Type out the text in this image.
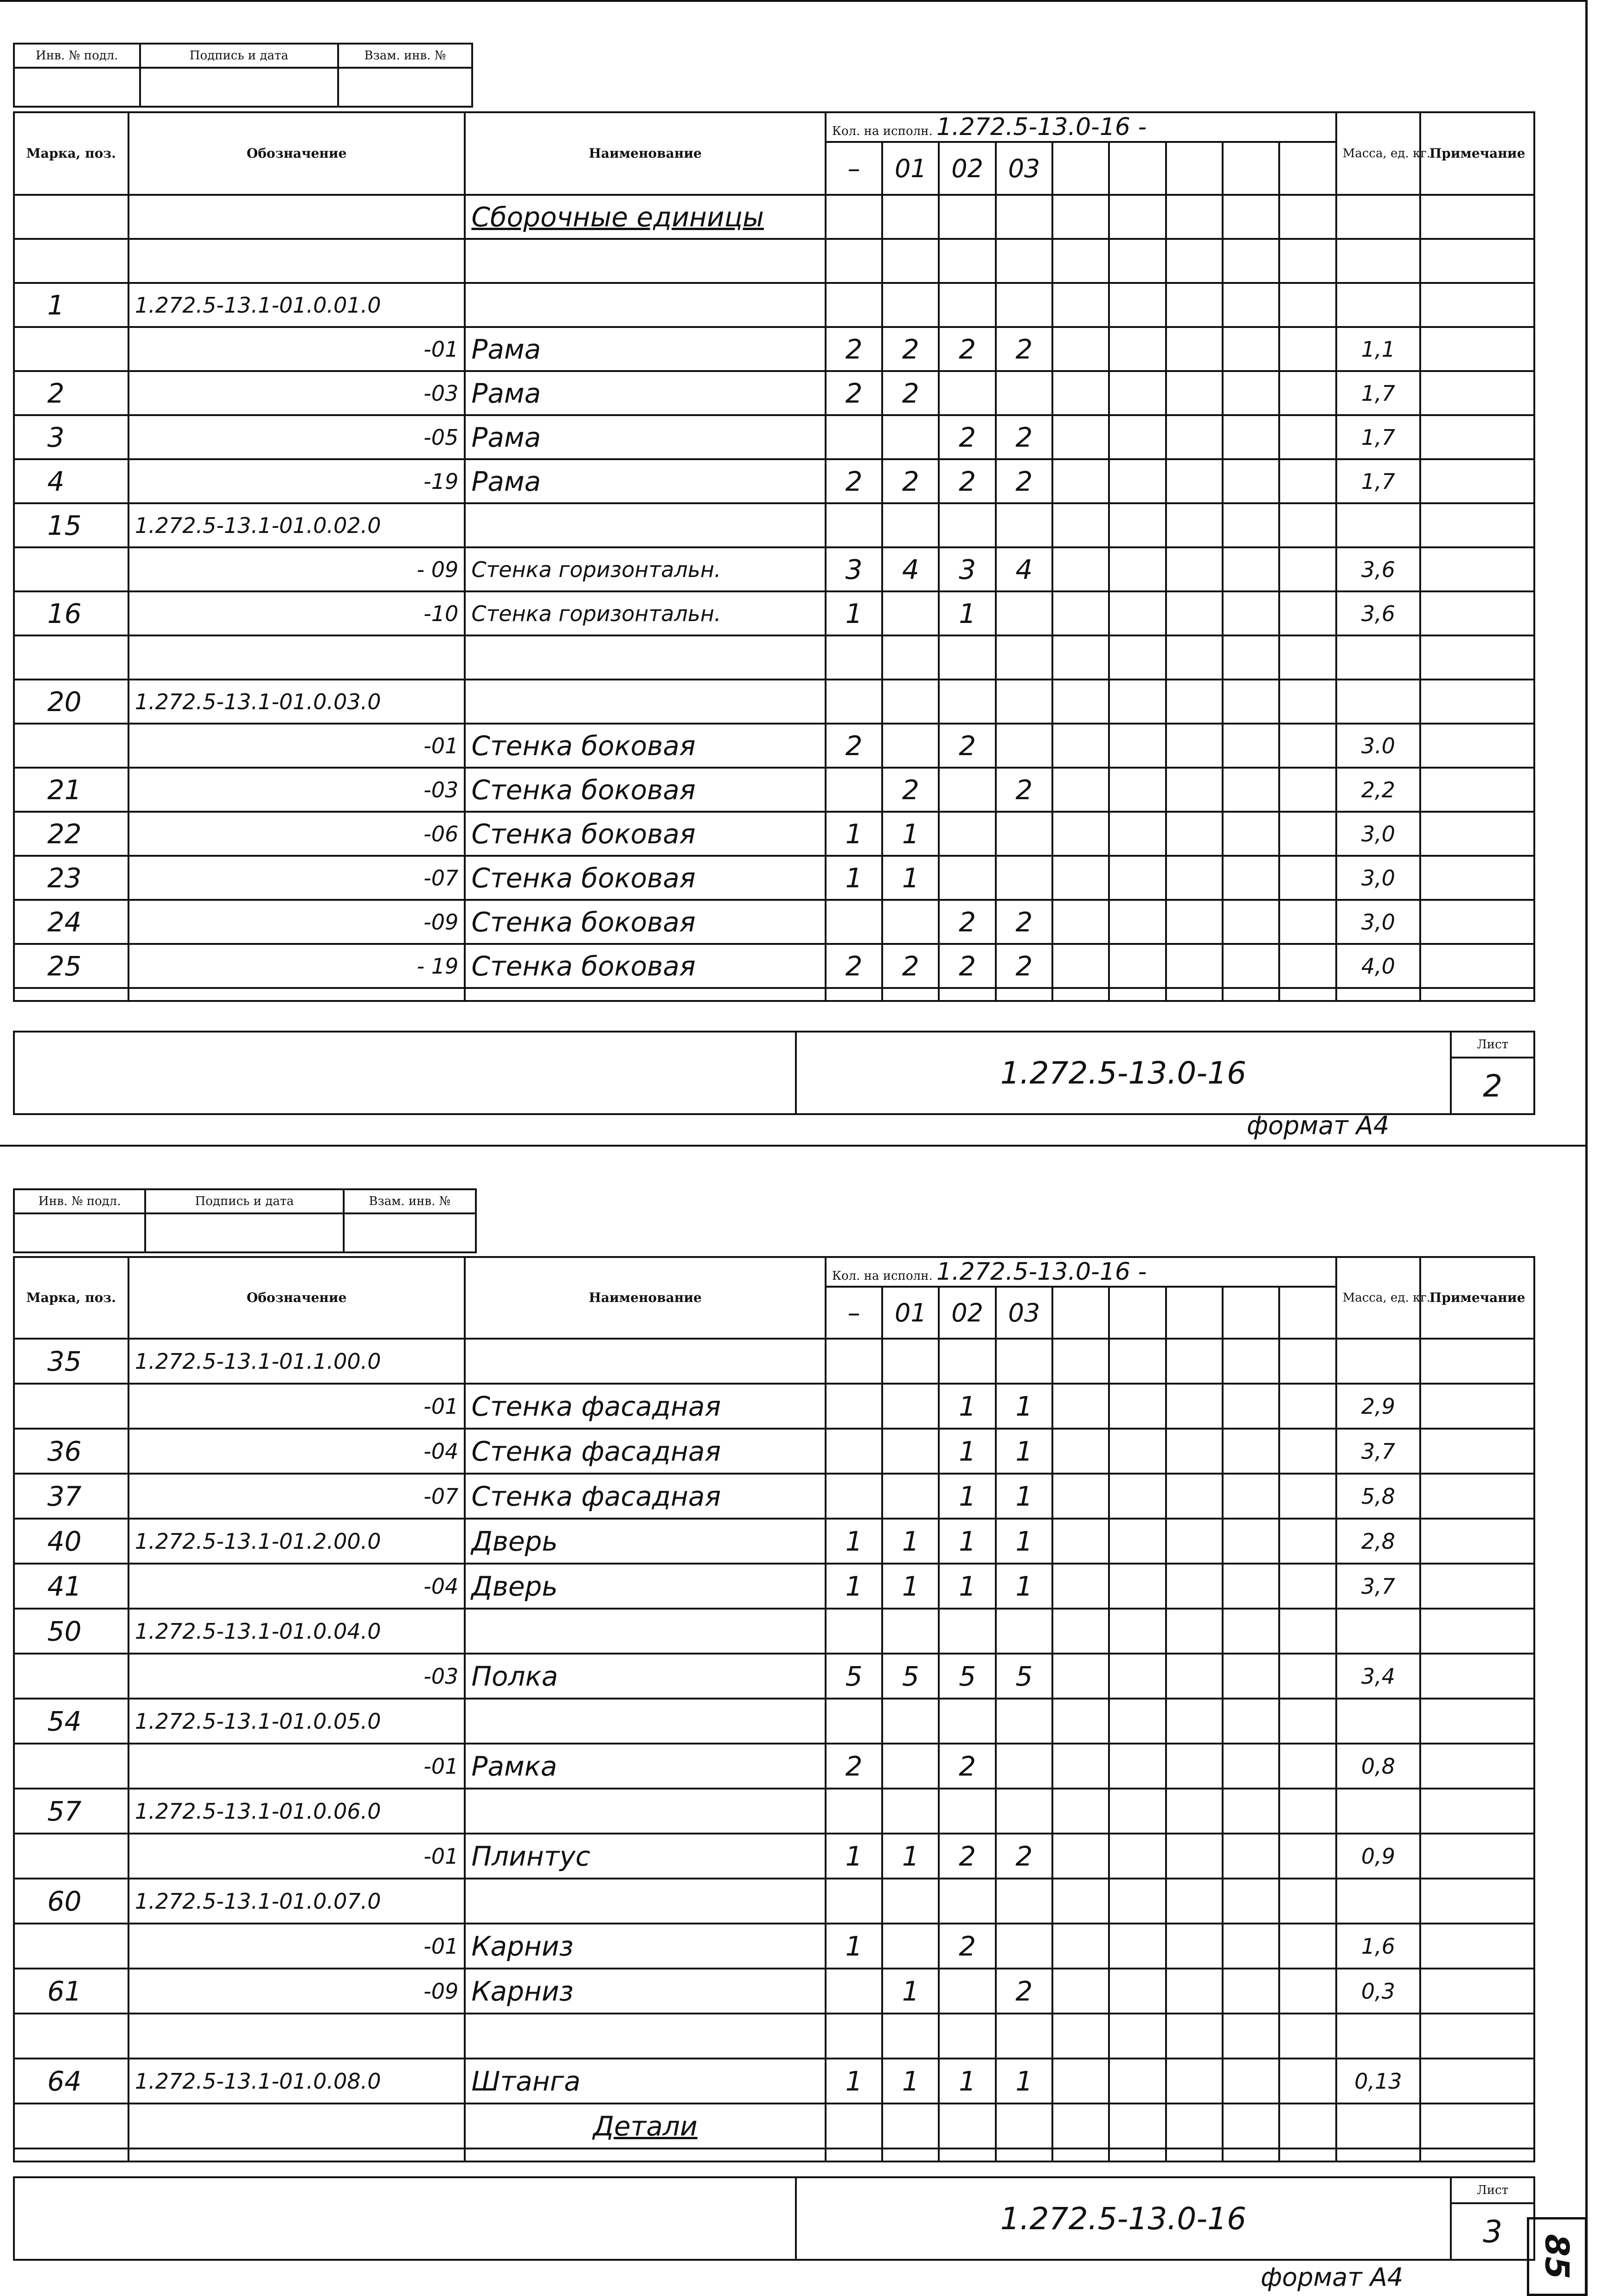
Инв. № подл.	Подпись и дата	Взам. инв. №

Марка, поз.	Обозначение	Наименование	Кол. на исполн. 1.272.5-13.0-16 -									Масса, ед. кг.	Примечание
			–	01	02	03							
		Сборочные единицы											

1	1.272.5-13.1-01.0.01.0												
	-01	Рама	2	2	2	2						1,1	
2	-03	Рама	2	2								1,7	
3	-05	Рама			2	2						1,7	
4	-19	Рама	2	2	2	2						1,7	
15	1.272.5-13.1-01.0.02.0												
	- 09	Стенка горизонтальн.	3	4	3	4						3,6	
16	-10	Стенка горизонтальн.	1		1							3,6	

20	1.272.5-13.1-01.0.03.0												
	-01	Стенка боковая	2		2							3.0	
21	-03	Стенка боковая		2		2						2,2	
22	-06	Стенка боковая	1	1								3,0	
23	-07	Стенка боковая	1	1								3,0	
24	-09	Стенка боковая			2	2						3,0	
25	- 19	Стенка боковая	2	2	2	2						4,0	

	1.272.5-13.0-16	Лист
2
формат А4
Инв. № подл.	Подпись и дата	Взам. инв. №

Марка, поз.	Обозначение	Наименование	Кол. на исполн. 1.272.5-13.0-16 -									Масса, ед. кг.	Примечание
			–	01	02	03							
35	1.272.5-13.1-01.1.00.0												
	-01	Стенка фасадная			1	1						2,9	
36	-04	Стенка фасадная			1	1						3,7	
37	-07	Стенка фасадная			1	1						5,8	
40	1.272.5-13.1-01.2.00.0	Дверь	1	1	1	1						2,8	
41	-04	Дверь	1	1	1	1						3,7	
50	1.272.5-13.1-01.0.04.0												
	-03	Полка	5	5	5	5						3,4	
54	1.272.5-13.1-01.0.05.0												
	-01	Рамка	2		2							0,8	
57	1.272.5-13.1-01.0.06.0												
	-01	Плинтус	1	1	2	2						0,9	
60	1.272.5-13.1-01.0.07.0												
	-01	Карниз	1		2							1,6	
61	-09	Карниз		1		2						0,3	

64	1.272.5-13.1-01.0.08.0	Штанга	1	1	1	1						0,13	
		Детали											

	1.272.5-13.0-16	Лист
3
формат А4	85
